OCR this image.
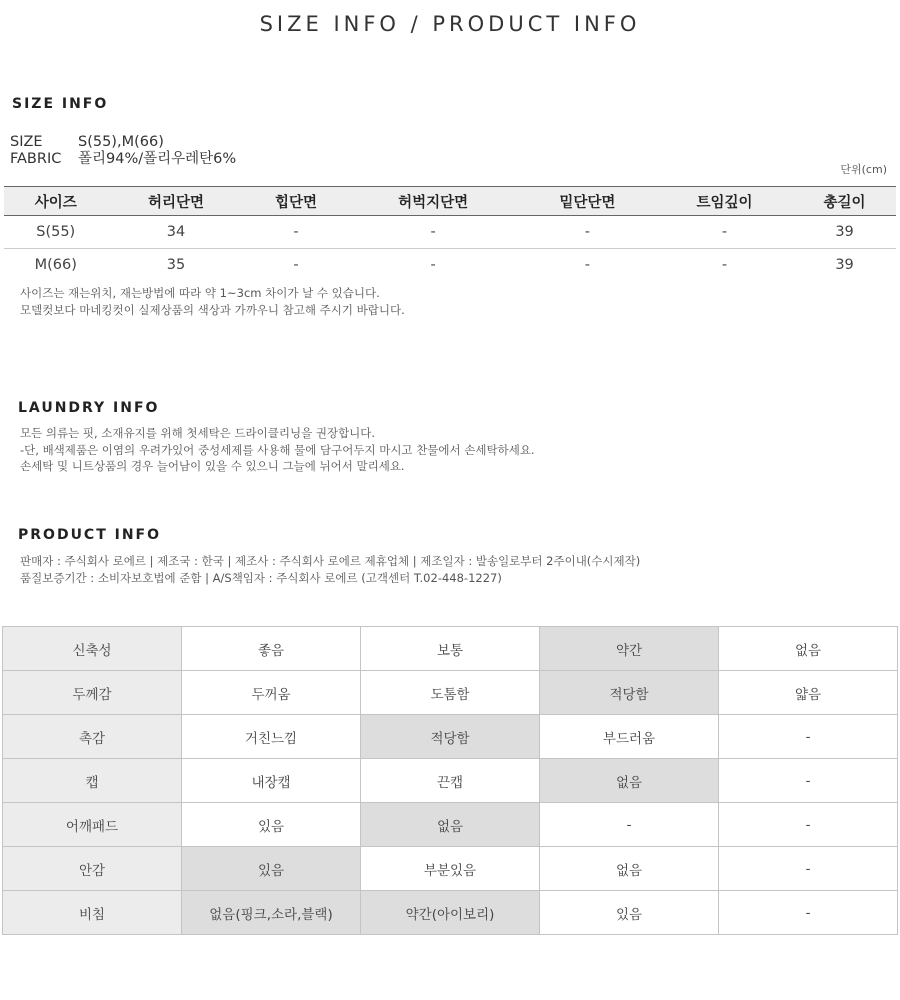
SIZE INFO / PRODUCT INFO
SIZE INFO
SIZE S(55),M(66)
FABRIC 폴리94%/폴리우레탄6%
단위(cm)
사이즈	허리단면	힙단면	허벅지단면	밑단단면	트임깊이	총길이
S(55)	34	-	-	-	-	39
M(66)	35	-	-	-	-	39
사이즈는 재는위치, 재는방법에 따라 약 1~3cm 차이가 날 수 있습니다.
모델컷보다 마네킹컷이 실제상품의 색상과 가까우니 참고해 주시기 바랍니다.
LAUNDRY INFO
모든 의류는 핏, 소재유지를 위해 첫세탁은 드라이클리닝을 권장합니다.
-단, 배색제품은 이염의 우려가있어 중성세제를 사용해 물에 담구어두지 마시고 찬물에서 손세탁하세요.
손세탁 및 니트상품의 경우 늘어남이 있을 수 있으니 그늘에 뉘어서 말리세요.
PRODUCT INFO
판매자 : 주식회사 로에르 | 제조국 : 한국 | 제조사 : 주식회사 로에르 제휴업체 | 제조일자 : 발송일로부터 2주이내(수시제작)
품질보증기간 : 소비자보호법에 준함 | A/S책임자 : 주식회사 로에르 (고객센터 T.02-448-1227)
신축성	좋음	보통	약간	없음
두께감	두꺼움	도톰함	적당함	얇음
촉감	거친느낌	적당함	부드러움	-
캡	내장캡	끈캡	없음	-
어깨패드	있음	없음	-	-
안감	있음	부분있음	없음	-
비침	없음(핑크,소라,블랙)	약간(아이보리)	있음	-
